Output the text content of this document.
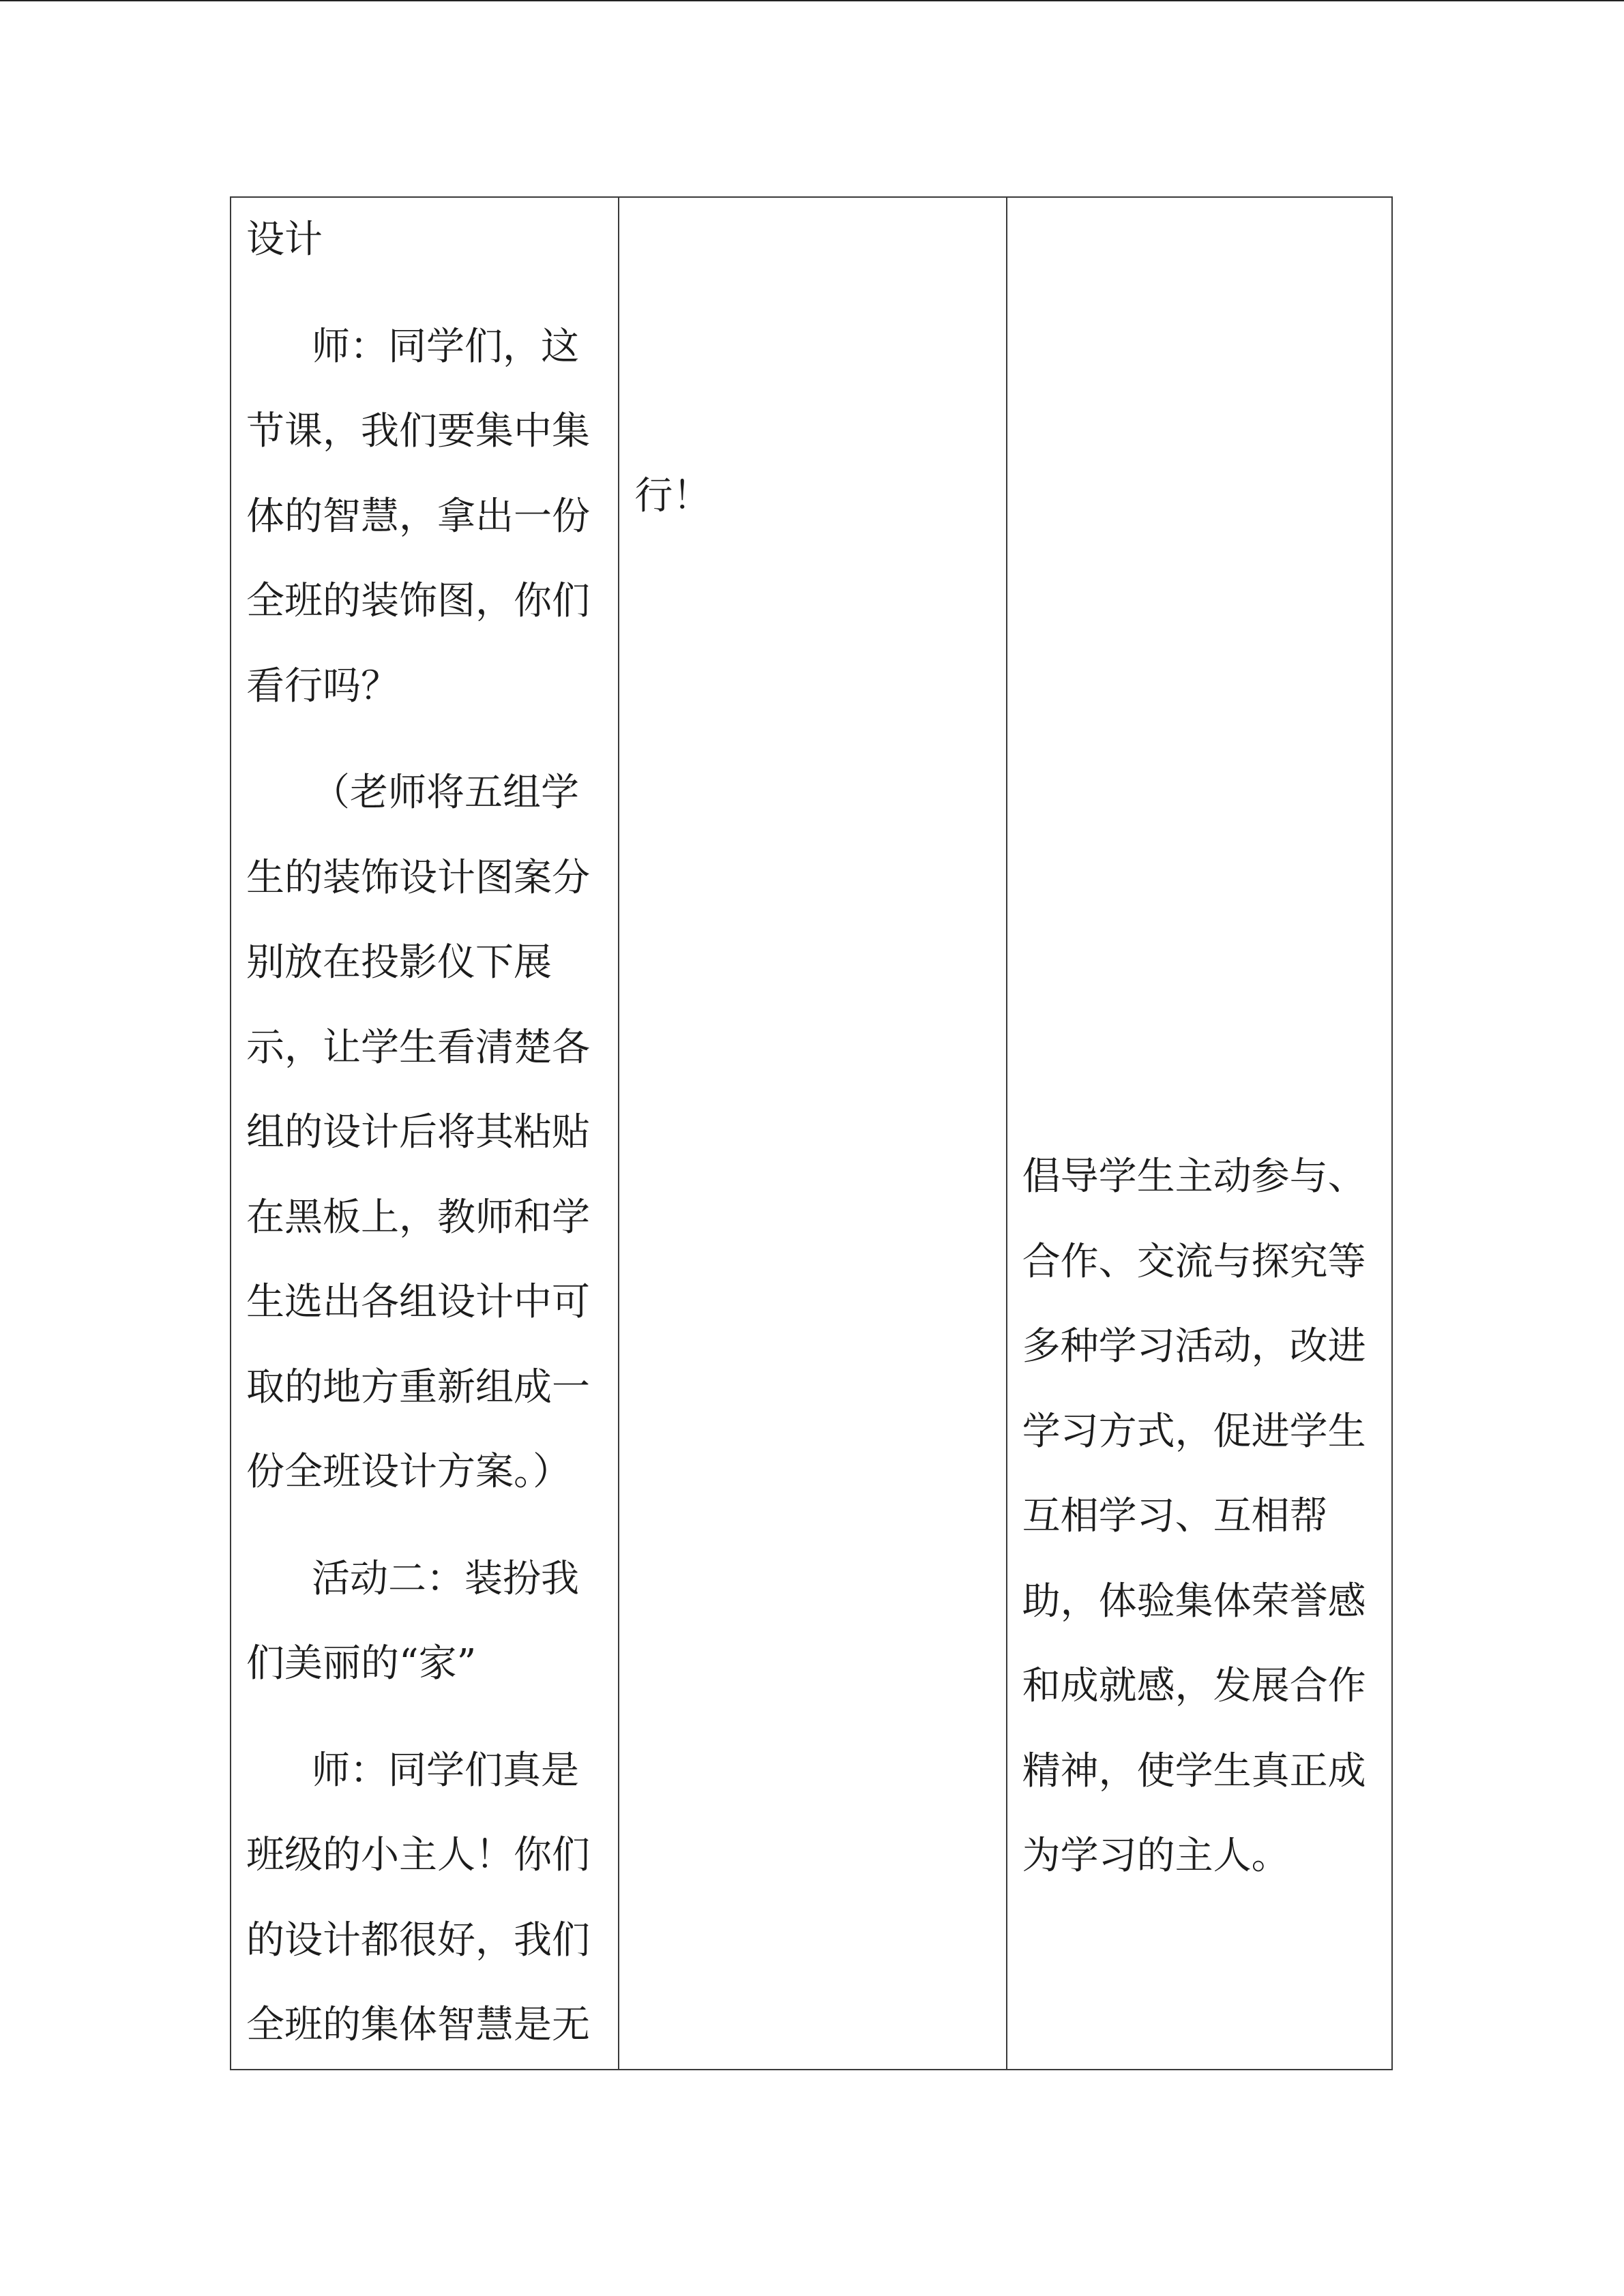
设计
师：同学们，这
节课，我们要集中集
体的智慧，拿出一份
全班的装饰图，你们
看行吗？
（老师将五组学
生的装饰设计图案分
别放在投影仪下展
示，让学生看清楚各
组的设计后将其粘贴
在黑板上，教师和学
生选出各组设计中可
取的地方重新组成一
份全班设计方案。）
活动二：装扮我
们美丽的“家”
师：同学们真是
班级的小主人！你们
的设计都很好，我们
全班的集体智慧是无
行！
倡导学生主动参与、
合作、交流与探究等
多种学习活动，改进
学习方式，促进学生
互相学习、互相帮
助，体验集体荣誉感
和成就感，发展合作
精神，使学生真正成
为学习的主人。
